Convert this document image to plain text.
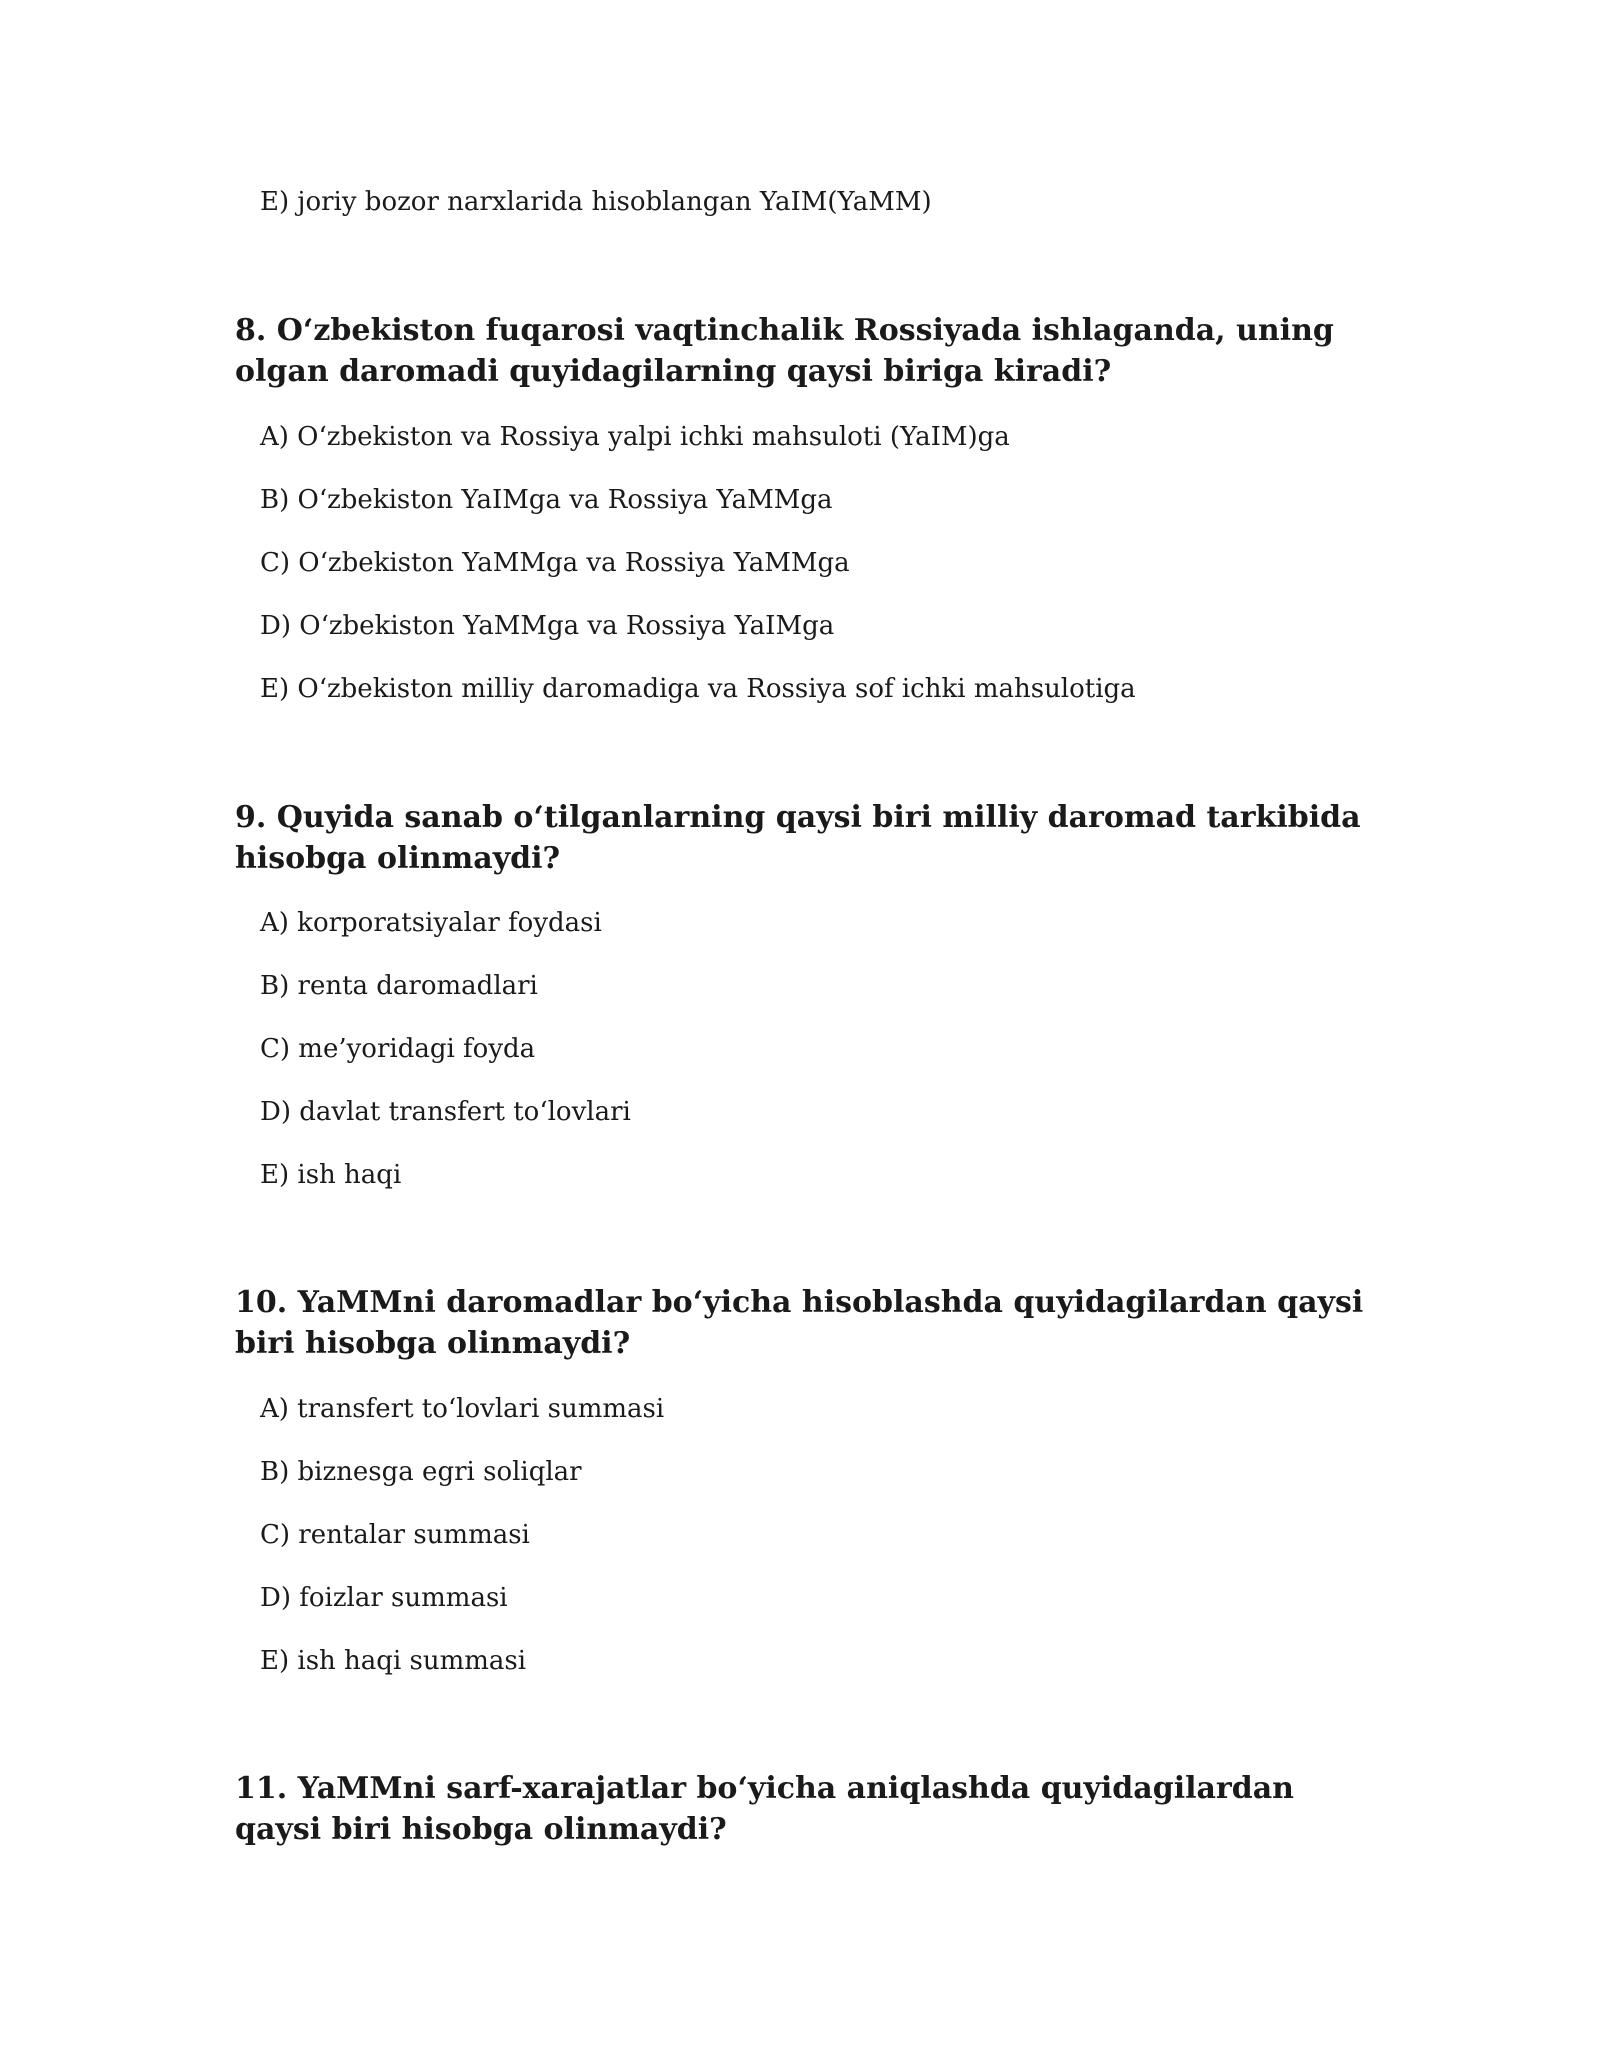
E) joriy bozor narxlarida hisoblangan YaIM(YaMM)

8. O‘zbekiston fuqarosi vaqtinchalik Rossiyada ishlaganda, uning olgan daromadi quyidagilarning qaysi biriga kiradi?

A) O‘zbekiston va Rossiya yalpi ichki mahsuloti (YaIM)ga
B) O‘zbekiston YaIMga va Rossiya YaMMga
C) O‘zbekiston YaMMga va Rossiya YaMMga
D) O‘zbekiston YaMMga va Rossiya YaIMga
E) O‘zbekiston milliy daromadiga va Rossiya sof ichki mahsulotiga

9. Quyida sanab o‘tilganlarning qaysi biri milliy daromad tarkibida hisobga olinmaydi?

A) korporatsiyalar foydasi
B) renta daromadlari
C) me’yoridagi foyda
D) davlat transfert to‘lovlari
E) ish haqi

10. YaMMni daromadlar bo‘yicha hisoblashda quyidagilardan qaysi biri hisobga olinmaydi?

A) transfert to‘lovlari summasi
B) biznesga egri soliqlar
C) rentalar summasi
D) foizlar summasi
E) ish haqi summasi

11. YaMMni sarf-xarajatlar bo‘yicha aniqlashda quyidagilardan qaysi biri hisobga olinmaydi?
